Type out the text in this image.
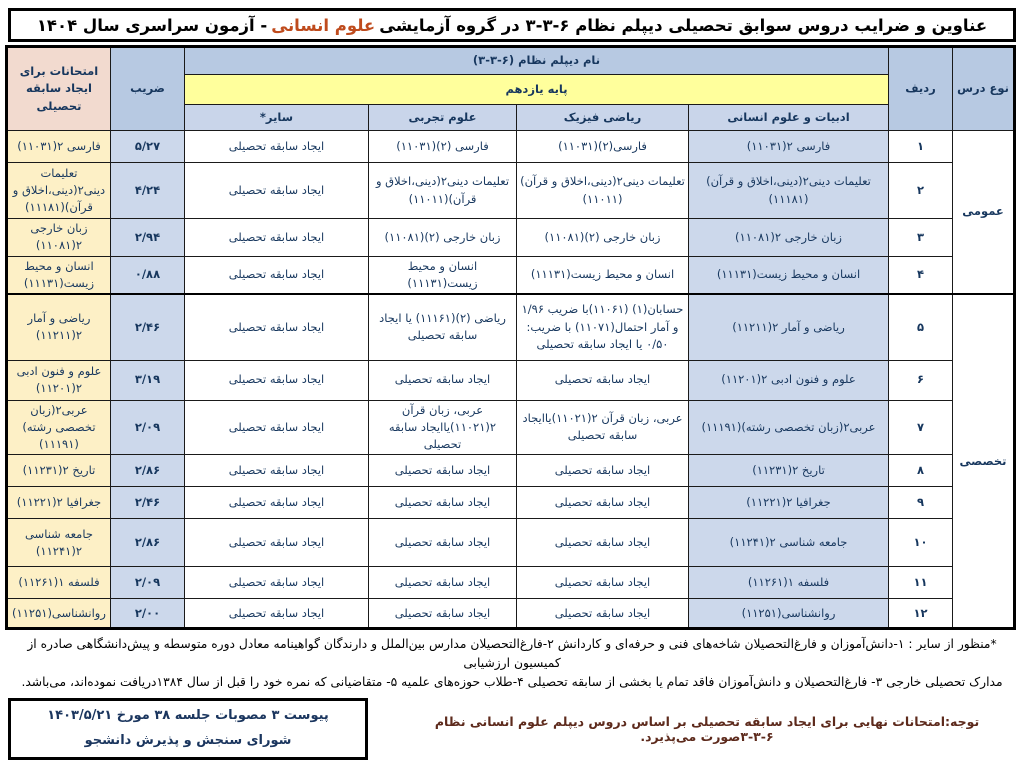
عناوین و ضرایب دروس سوابق تحصیلی دیپلم نظام ۶-۳-۳ در گروه آزمایشی
علوم انسانی
- آزمون سراسری سال ۱۴۰۴
نوع درس	ردیف	نام دیپلم نظام (۶-۳-۳)				ضریب	امتحانات برای ایجاد سابقه تحصیلی
		پایه یازدهم					
		ادبیات و علوم انسانی	ریاضی فیزیک	علوم تجربی	سایر*		
عمومی	۱	فارسی ۲(۱۱۰۳۱)	فارسی(۲)(۱۱۰۳۱)	فارسی (۲)(۱۱۰۳۱)	ایجاد سابقه تحصیلی	۵/۲۷	فارسی ۲(۱۱۰۳۱)
	۲	تعلیمات دینی۲(دینی،اخلاق و قرآن)(۱۱۱۸۱)	تعلیمات دینی۲(دینی،اخلاق و قرآن)(۱۱۰۱۱)	تعلیمات دینی۲(دینی،اخلاق و قرآن)(۱۱۰۱۱)	ایجاد سابقه تحصیلی	۴/۲۴	تعلیمات دینی۲(دینی،اخلاق و قرآن)(۱۱۱۸۱)
	۳	زبان خارجی ۲(۱۱۰۸۱)	زبان خارجی (۲)(۱۱۰۸۱)	زبان خارجی (۲)(۱۱۰۸۱)	ایجاد سابقه تحصیلی	۲/۹۴	زبان خارجی ۲(۱۱۰۸۱)
	۴	انسان و محیط زیست(۱۱۱۳۱)	انسان و محیط زیست(۱۱۱۳۱)	انسان و محیط زیست(۱۱۱۳۱)	ایجاد سابقه تحصیلی	۰/۸۸	انسان و محیط زیست(۱۱۱۳۱)
تخصصی	۵	ریاضی و آمار ۲(۱۱۲۱۱)	حسابان(۱) (۱۱۰۶۱)با ضریب ۱/۹۶ و آمار احتمال(۱۱۰۷۱) با ضریب: ۰/۵۰ یا ایجاد سابقه تحصیلی	ریاضی (۲)(۱۱۱۶۱) یا ایجاد سابقه تحصیلی	ایجاد سابقه تحصیلی	۲/۴۶	ریاضی و آمار ۲(۱۱۲۱۱)
	۶	علوم و فنون ادبی ۲(۱۱۲۰۱)	ایجاد سابقه تحصیلی	ایجاد سابقه تحصیلی	ایجاد سابقه تحصیلی	۳/۱۹	علوم و فنون ادبی ۲(۱۱۲۰۱)
	۷	عربی۲(زبان تخصصی رشته)(۱۱۱۹۱)	عربی، زبان قرآن ۲(۱۱۰۲۱)یاایجاد سابقه تحصیلی	عربی، زبان قرآن ۲(۱۱۰۲۱)یاایجاد سابقه تحصیلی	ایجاد سابقه تحصیلی	۲/۰۹	عربی۲(زبان تخصصی رشته) (۱۱۱۹۱)
	۸	تاریخ ۲(۱۱۲۳۱)	ایجاد سابقه تحصیلی	ایجاد سابقه تحصیلی	ایجاد سابقه تحصیلی	۲/۸۶	تاریخ ۲(۱۱۲۳۱)
	۹	جغرافیا ۲(۱۱۲۲۱)	ایجاد سابقه تحصیلی	ایجاد سابقه تحصیلی	ایجاد سابقه تحصیلی	۲/۴۶	جغرافیا ۲(۱۱۲۲۱)
	۱۰	جامعه شناسی ۲(۱۱۲۴۱)	ایجاد سابقه تحصیلی	ایجاد سابقه تحصیلی	ایجاد سابقه تحصیلی	۲/۸۶	جامعه شناسی ۲(۱۱۲۴۱)
	۱۱	فلسفه ۱(۱۱۲۶۱)	ایجاد سابقه تحصیلی	ایجاد سابقه تحصیلی	ایجاد سابقه تحصیلی	۲/۰۹	فلسفه ۱(۱۱۲۶۱)
	۱۲	روانشناسی(۱۱۲۵۱)	ایجاد سابقه تحصیلی	ایجاد سابقه تحصیلی	ایجاد سابقه تحصیلی	۲/۰۰	روانشناسی(۱۱۲۵۱)
*منظور از سایر : ۱-دانش‌آموزان و فارغ‌التحصیلان شاخه‌های فنی و حرفه‌ای و کاردانش ۲-فارغ‌التحصیلان مدارس بین‌الملل و دارندگان گواهینامه معادل دوره متوسطه و پیش‌دانشگاهی صادره از کمیسیون ارزشیابی
مدارک تحصیلی خارجی ۳- فارغ‌التحصیلان و دانش‌آموزان فاقد تمام یا بخشی از سابقه تحصیلی ۴-طلاب حوزه‌های علمیه ۵- متقاضیانی که نمره خود را قبل از سال ۱۳۸۴دریافت نموده‌اند، می‌باشد.
توجه:امتحانات نهایی برای ایجاد سابقه تحصیلی بر اساس دروس دیپلم علوم انسانی نظام ۶-۳-۳صورت می‌پذیرد.
پیوست ۳ مصوبات جلسه ۳۸ مورخ ۱۴۰۳/۵/۲۱
شورای سنجش و پذیرش دانشجو
